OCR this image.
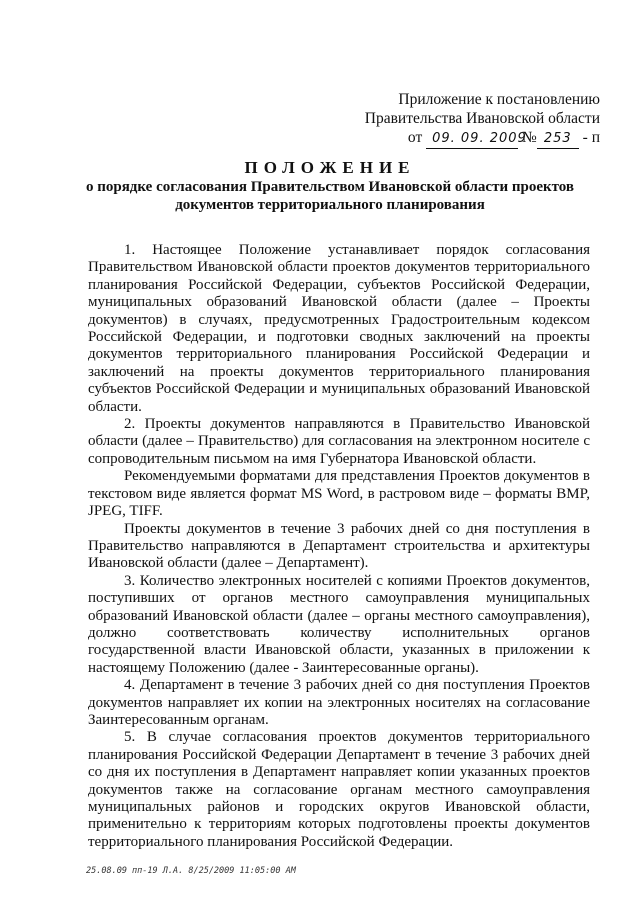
Приложение к постановлению
Правительства Ивановской области
от 09. 09. 2009 № 253 - п
ПОЛОЖЕНИЕ
о порядке согласования Правительством Ивановской области проектов документов территориального планирования

1. Настоящее Положение устанавливает порядок согласования Правительством Ивановской области проектов документов территориального планирования Российской Федерации, субъектов Российской Федерации, муниципальных образований Ивановской области (далее – Проекты документов) в случаях, предусмотренных Градостроительным кодексом Российской Федерации, и подготовки сводных заключений на проекты документов территориального планирования Российской Федерации и заключений на проекты документов территориального планирования субъектов Российской Федерации и муниципальных образований Ивановской области.

2. Проекты документов направляются в Правительство Ивановской области (далее – Правительство) для согласования на электронном носителе с сопроводительным письмом на имя Губернатора Ивановской области.

Рекомендуемыми форматами для представления Проектов документов в текстовом виде является формат MS Word, в растровом виде – форматы BMP, JPEG, TIFF.

Проекты документов в течение 3 рабочих дней со дня поступления в Правительство направляются в Департамент строительства и архитектуры Ивановской области (далее – Департамент).

3. Количество электронных носителей с копиями Проектов документов, поступивших от органов местного самоуправления муниципальных образований Ивановской области (далее – органы местного самоуправления), должно соответствовать количеству исполнительных органов государственной власти Ивановской области, указанных в приложении к настоящему Положению (далее - Заинтересованные органы).

4. Департамент в течение 3 рабочих дней со дня поступления Проектов документов направляет их копии на электронных носителях на согласование Заинтересованным органам.

5. В случае согласования проектов документов территориального планирования Российской Федерации Департамент в течение 3 рабочих дней со дня их поступления в Департамент направляет копии указанных проектов документов также на согласование органам местного самоуправления муниципальных районов и городских округов Ивановской области, применительно к территориям которых подготовлены проекты документов территориального планирования Российской Федерации.

25.08.09 пп-19 Л.А. 8/25/2009 11:05:00 AM
